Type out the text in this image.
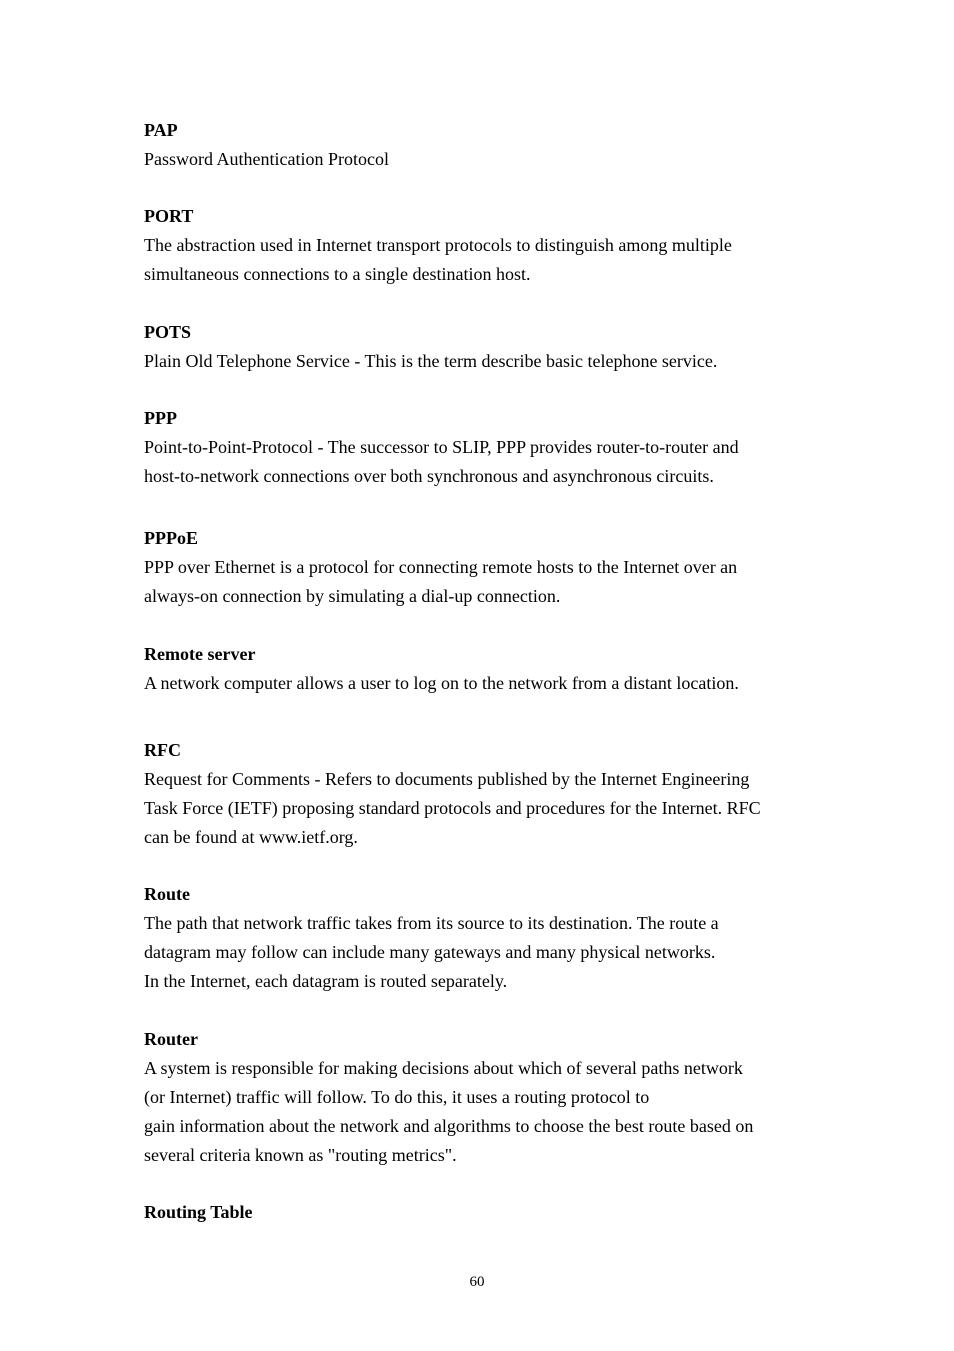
PAP

Password Authentication Protocol

PORT

The abstraction used in Internet transport protocols to distinguish among multiple
simultaneous connections to a single destination host.

POTS

Plain Old Telephone Service - This is the term describe basic telephone service.

PPP

Point-to-Point-Protocol - The successor to SLIP, PPP provides router-to-router and
host-to-network connections over both synchronous and asynchronous circuits.

PPPoE

PPP over Ethernet is a protocol for connecting remote hosts to the Internet over an
always-on connection by simulating a dial-up connection.

Remote server

A network computer allows a user to log on to the network from a distant location.

RFC

Request for Comments - Refers to documents published by the Internet Engineering
Task Force (IETF) proposing standard protocols and procedures for the Internet. RFC
can be found at www.ietf.org.

Route

The path that network traffic takes from its source to its destination. The route a
datagram may follow can include many gateways and many physical networks.
In the Internet, each datagram is routed separately.

Router

A system is responsible for making decisions about which of several paths network
(or Internet) traffic will follow. To do this, it uses a routing protocol to
gain information about the network and algorithms to choose the best route based on
several criteria known as "routing metrics".

Routing Table

60
